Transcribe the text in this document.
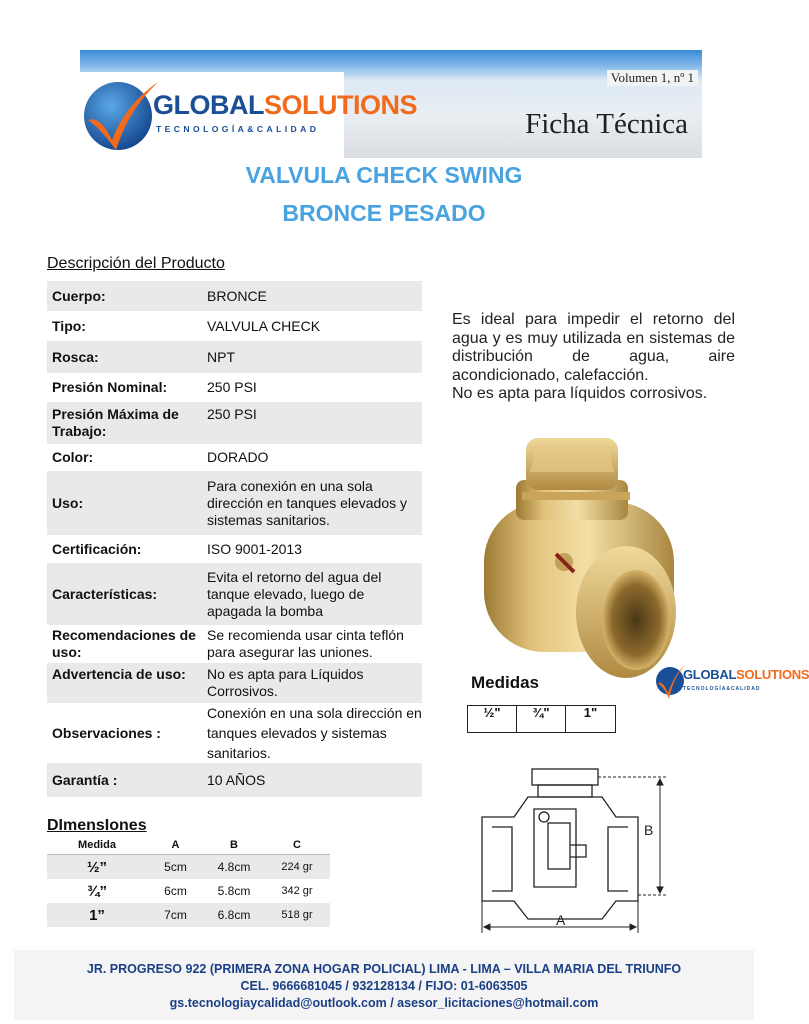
GLOBALSOLUTIONS
TECNOLOGÍA&CALIDAD
Volumen 1, nº 1
Ficha Técnica
VALVULA CHECK SWING
BRONCE PESADO
Descripción del Producto
Cuerpo:	BRONCE
Tipo:	VALVULA CHECK
Rosca:	NPT
Presión Nominal:	250 PSI
Presión Máxima de Trabajo:
250 PSI
Color:	DORADO
Uso:
Para conexión en una sola dirección en tanques elevados y sistemas sanitarios.
Certificación:	ISO 9001-2013
Características:
Evita el retorno del agua del tanque elevado, luego de apagada la bomba
Recomendaciones de uso:
Se recomienda usar cinta teflón para asegurar las uniones.
Advertencia de uso:	No es apta para Líquidos Corrosivos.
Observaciones :
Conexión en una sola dirección en tanques elevados y sistemas sanitarios.
Garantía :	10 AÑOS

Es ideal para impedir el retorno del agua y es muy utilizada en sistemas de distribución de agua, aire acondicionado, calefacción.

No es apta para líquidos corrosivos.

GLOBALSOLUTIONS
TECNOLOGÍA&CALIDAD
Medidas
½"	¾"	1"
DImensIones
Medida	A	B	C
½”	5cm	4.8cm	224 gr
¾”	6cm	5.8cm	342 gr
1”	7cm	6.8cm	518 gr	A
B

JR. PROGRESO 922 (PRIMERA ZONA HOGAR POLICIAL) LIMA - LIMA – VILLA MARIA DEL TRIUNFO

CEL. 9666681045 / 932128134 / FIJO: 01-6063505

gs.tecnologiaycalidad@outlook.com / asesor_licitaciones@hotmail.com
